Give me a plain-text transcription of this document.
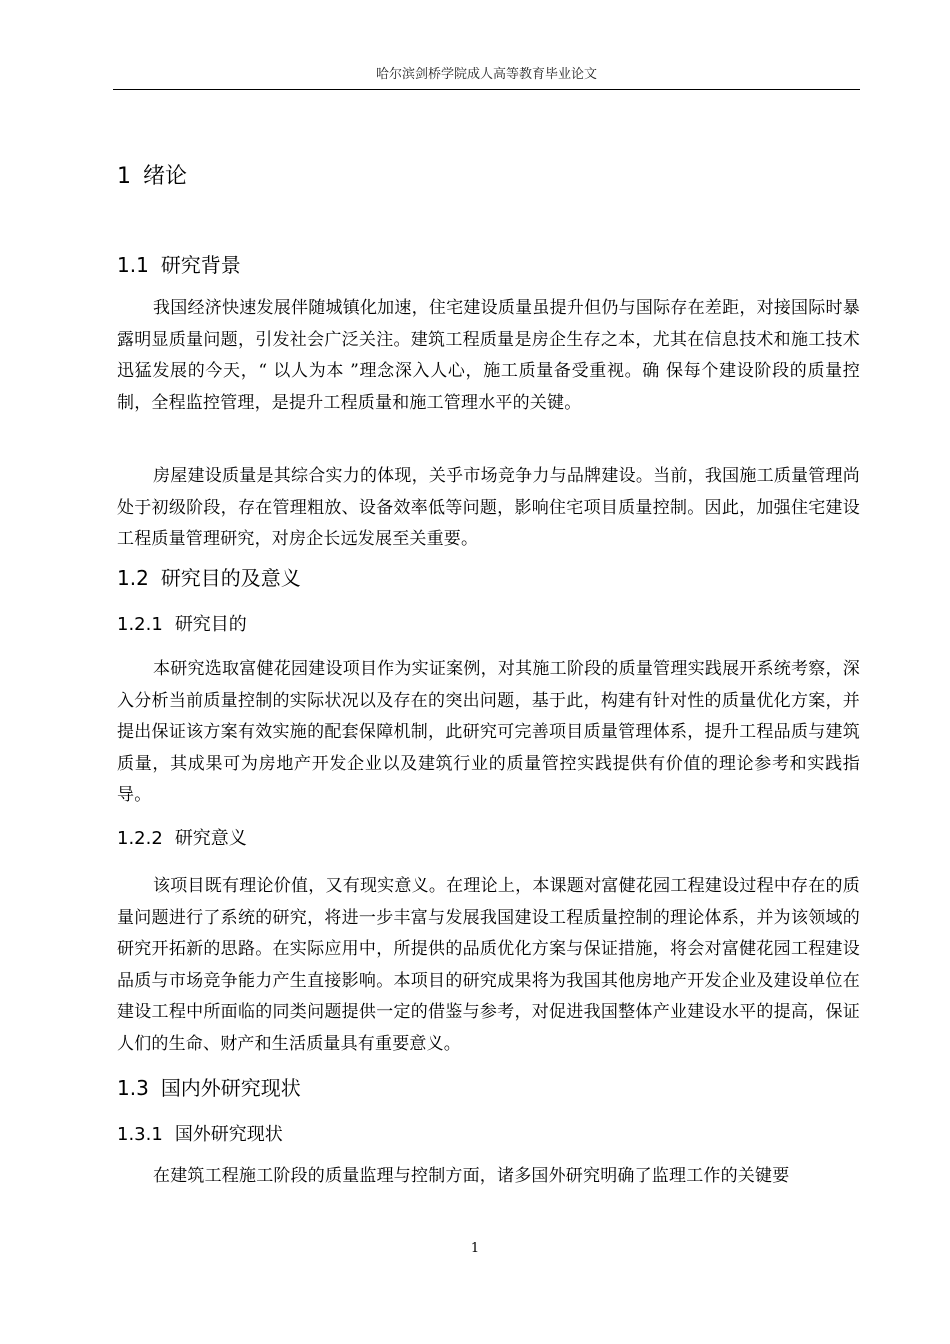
哈尔滨剑桥学院成人高等教育毕业论文
1 绪论
1.1 研究背景

我国经济快速发展伴随城镇化加速，住宅建设质量虽提升但仍与国际存在差距，对接国际时暴露明显质量问题，引发社会广泛关注。建筑工程质量是房企生存之本，尤其在信息技术和施工技术迅猛发展的今天，“ 以人为本 ”理念深入人心，施工质量备受重视。确 保每个建设阶段的质量控制，全程监控管理，是提升工程质量和施工管理水平的关键。

房屋建设质量是其综合实力的体现，关乎市场竞争力与品牌建设。当前，我国施工质量管理尚处于初级阶段，存在管理粗放、设备效率低等问题，影响住宅项目质量控制。因此，加强住宅建设工程质量管理研究，对房企长远发展至关重要。

1.2 研究目的及意义
1.2.1 研究目的

本研究选取富健花园建设项目作为实证案例，对其施工阶段的质量管理实践展开系统考察，深入分析当前质量控制的实际状况以及存在的突出问题，基于此，构建有针对性的质量优化方案，并提出保证该方案有效实施的配套保障机制，此研究可完善项目质量管理体系，提升工程品质与建筑质量，其成果可为房地产开发企业以及建筑行业的质量管控实践提供有价值的理论参考和实践指导。

1.2.2 研究意义

该项目既有理论价值，又有现实意义。在理论上，本课题对富健花园工程建设过程中存在的质量问题进行了系统的研究，将进一步丰富与发展我国建设工程质量控制的理论体系，并为该领域的研究开拓新的思路。在实际应用中，所提供的品质优化方案与保证措施，将会对富健花园工程建设品质与市场竞争能力产生直接影响。本项目的研究成果将为我国其他房地产开发企业及建设单位在建设工程中所面临的同类问题提供一定的借鉴与参考，对促进我国整体产业建设水平的提高，保证人们的生命、财产和生活质量具有重要意义。

1.3 国内外研究现状
1.3.1 国外研究现状

在建筑工程施工阶段的质量监理与控制方面，诸多国外研究明确了监理工作的关键要

1
